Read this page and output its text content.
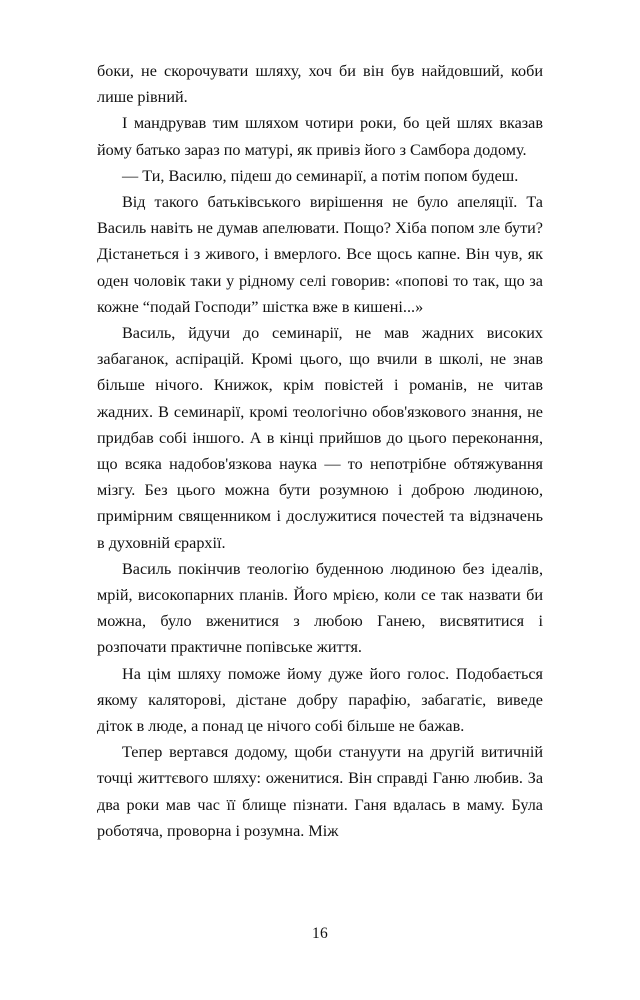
боки, не скорочувати шляху, хоч би він був найдовший, коби лише рівний.

І мандрував тим шляхом чотири роки, бо цей шлях вказав йому батько зараз по матурі, як привіз його з Самбора додому.

— Ти, Василю, підеш до семинарії, а потім попом будеш.

Від такого батьківського вирішення не було апеляції. Та Василь навіть не думав апелювати. Пощо? Хіба попом зле бути? Дістанеться і з живого, і вмерлого. Все щось капне. Він чув, як оден чоловік таки у рідному селі говорив: «попові то так, що за кожне “подай Господи” шістка вже в кишені...»

Василь, йдучи до семинарії, не мав жадних високих забаганок, аспірацій. Кромі цього, що вчили в школі, не знав більше нічого. Книжок, крім повістей і романів, не читав жадних. В семинарії, кромі теологічно обов'язкового знання, не придбав собі іншого. А в кінці прийшов до цього переконання, що всяка надобов'язкова наука — то непотрібне обтяжування мізгу. Без цього можна бути розумною і доброю людиною, примірним священником і дослужитися почестей та відзначень в духовній єрархії.

Василь покінчив теологію буденною людиною без ідеалів, мрій, високопарних планів. Його мрією, коли се так назвати би можна, було вженитися з любою Ганею, висвятитися і розпочати практичне попівське життя.

На цім шляху поможе йому дуже його голос. Подобається якому каляторові, дістане добру парафію, забагатіє, виведе діток в люде, а понад це нічого собі більше не бажав.

Тепер вертався додому, щоби стануути на другій витичній точці життєвого шляху: оженитися. Він справді Ганю любив. За два роки мав час її блище пізнати. Ганя вдалась в маму. Була роботяча, проворна і розумна. Між

16
